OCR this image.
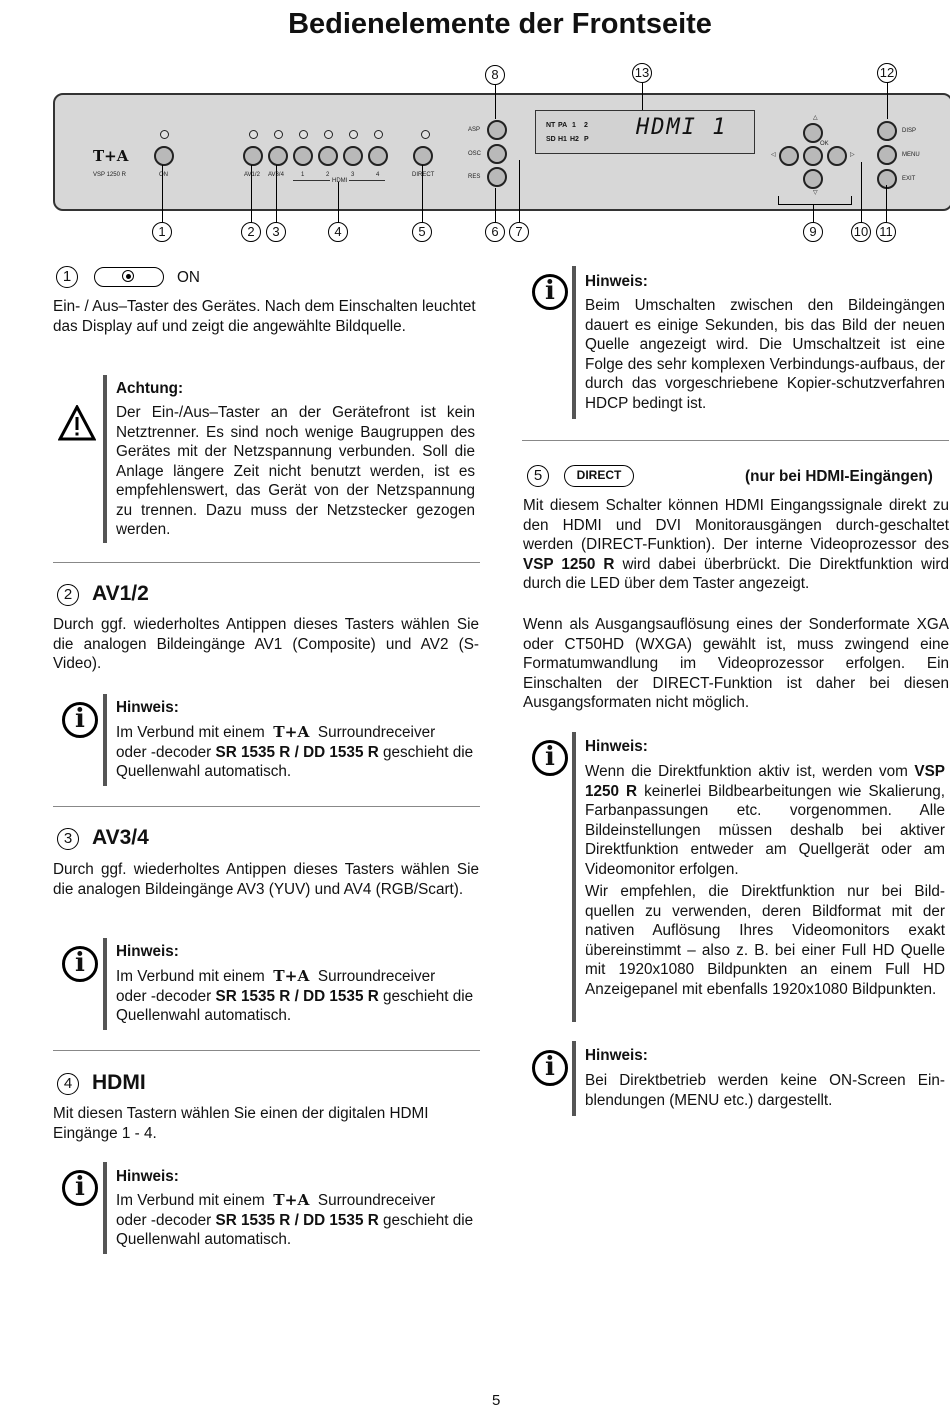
Bedienelemente der Frontseite
T+A
VSP 1250 R	ON	AV1/2 AV3/4	1	2	3	4
HDMI
DIRECT
ASP
OSC
RES
NT PA 1 2
SD H1 H2 P HDMI 1	△
◁
OK
▷
▽
DISP
MENU
EXIT
8	13	12
1	2	3	4	5	6	7	9	10 11
1	ON
Ein- / Aus–Taster des Gerätes. Nach dem Einschalten leuchtet das Display auf und zeigt die angewählte Bildquelle.
Achtung:
Der Ein-/Aus–Taster an der Gerätefront ist kein Netztrenner. Es sind noch wenige Baugruppen des Gerätes mit der Netzspannung verbunden. Soll die Anlage längere Zeit nicht benutzt werden, ist es empfehlenswert, das Gerät von der Netzspannung zu trennen. Dazu muss der Netzstecker gezogen werden.
2 AV1/2
Durch ggf. wiederholtes Antippen dieses Tasters wählen Sie die analogen Bildeingänge AV1 (Composite) und AV2 (S-Video).
i	Hinweis:
Im Verbund mit einem T+A Surroundreceiver
oder -decoder SR 1535 R / DD 1535 R geschieht die Quellenwahl automatisch.
3 AV3/4
Durch ggf. wiederholtes Antippen dieses Tasters wählen Sie die analogen Bildeingänge AV3 (YUV) und AV4 (RGB/Scart).
i	Hinweis:
Im Verbund mit einem T+A Surroundreceiver
oder -decoder SR 1535 R / DD 1535 R geschieht die Quellenwahl automatisch.
4 HDMI
Mit diesen Tastern wählen Sie einen der digitalen HDMI Eingänge 1 - 4.
i	Hinweis:
Im Verbund mit einem T+A Surroundreceiver
oder -decoder SR 1535 R / DD 1535 R geschieht die Quellenwahl automatisch.
i	Hinweis:
Beim Umschalten zwischen den Bildeingängen dauert es einige Sekunden, bis das Bild der neuen Quelle angezeigt wird. Die Umschaltzeit ist eine Folge des sehr komplexen Verbindungs-aufbaus, der durch das vorgeschriebene Kopier-schutzverfahren HDCP bedingt ist.
5	DIRECT	(nur bei HDMI-Eingängen)
Mit diesem Schalter können HDMI Eingangssignale direkt zu den HDMI und DVI Monitorausgängen durch-geschaltet werden (DIRECT-Funktion). Der interne Videoprozessor des VSP 1250 R wird dabei überbrückt. Die Direktfunktion wird durch die LED über dem Taster angezeigt.
Wenn als Ausgangsauflösung eines der Sonderformate XGA oder CT50HD (WXGA) gewählt ist, muss zwingend eine Formatumwandlung im Videoprozessor erfolgen. Ein Einschalten der DIRECT-Funktion ist daher bei diesen Ausgangsformaten nicht möglich.
i	Hinweis:
Wenn die Direktfunktion aktiv ist, werden vom VSP 1250 R keinerlei Bildbearbeitungen wie Skalierung, Farbanpassungen etc. vorgenommen. Alle Bildeinstellungen müssen deshalb bei aktiver Direktfunktion entweder am Quellgerät oder am Videomonitor erfolgen.
Wir empfehlen, die Direktfunktion nur bei Bild-quellen zu verwenden, deren Bildformat mit der nativen Auflösung Ihres Videomonitors exakt übereinstimmt – also z. B. bei einer Full HD Quelle mit 1920x1080 Bildpunkten an einem Full HD Anzeigepanel mit ebenfalls 1920x1080 Bildpunkten.
i	Hinweis:
Bei Direktbetrieb werden keine ON-Screen Ein-blendungen (MENU etc.) dargestellt.
5
